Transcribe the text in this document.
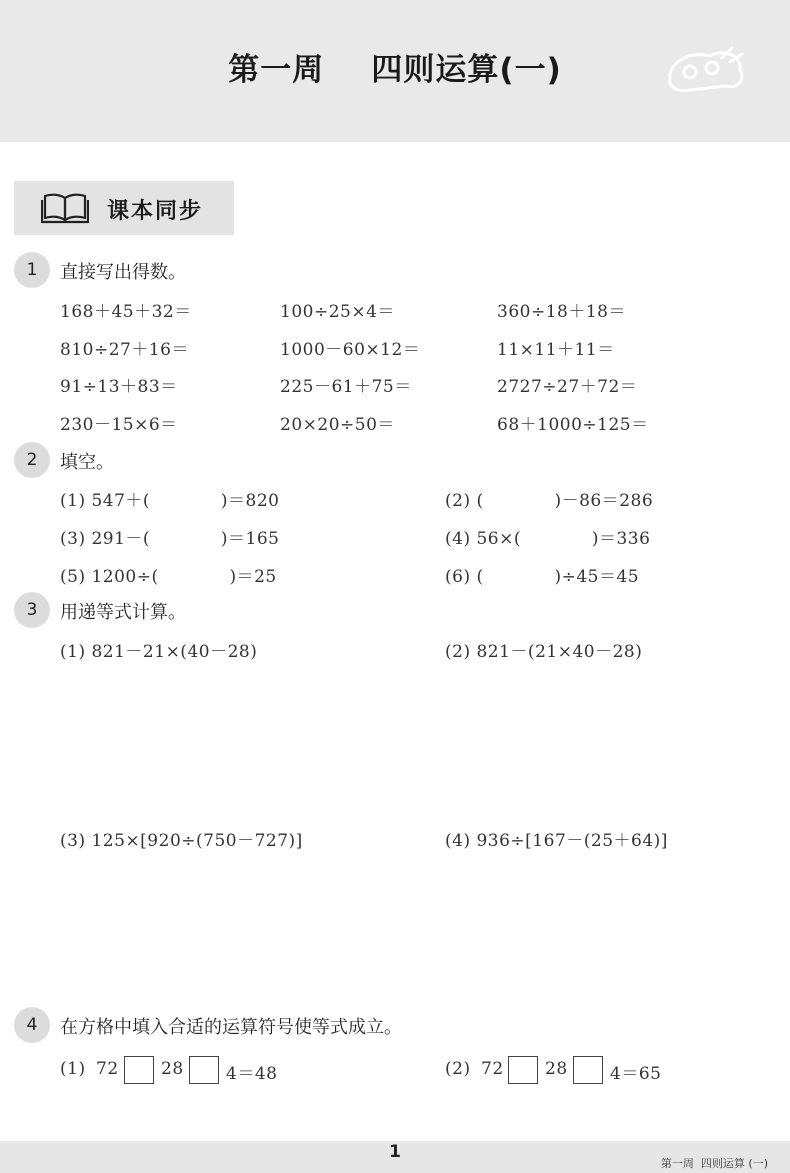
第一周    四则运算(一)
课本同步
1	直接写出得数。
168＋45＋32＝	100÷25×4＝	360÷18＋18＝
810÷27＋16＝	1000－60×12＝	11×11＋11＝
91÷13＋83＝	225－61＋75＝	2727÷27＋72＝
230－15×6＝	20×20÷50＝	68＋1000÷125＝
2	填空。
(1) 547＋(            )＝820	(2) (            )－86＝286
(3) 291－(            )＝165	(4) 56×(            )＝336
(5) 1200÷(            )＝25	(6) (            )÷45＝45
3	用递等式计算。
(1) 821－21×(40－28)	(2) 821－(21×40－28)
(3) 125×[920÷(750－727)]	(4) 936÷[167－(25＋64)]
4	在方格中填入合适的运算符号使等式成立。
(1) 72 28 4＝48	(2) 72 28 4＝65
1
第一周  四则运算 (一)
